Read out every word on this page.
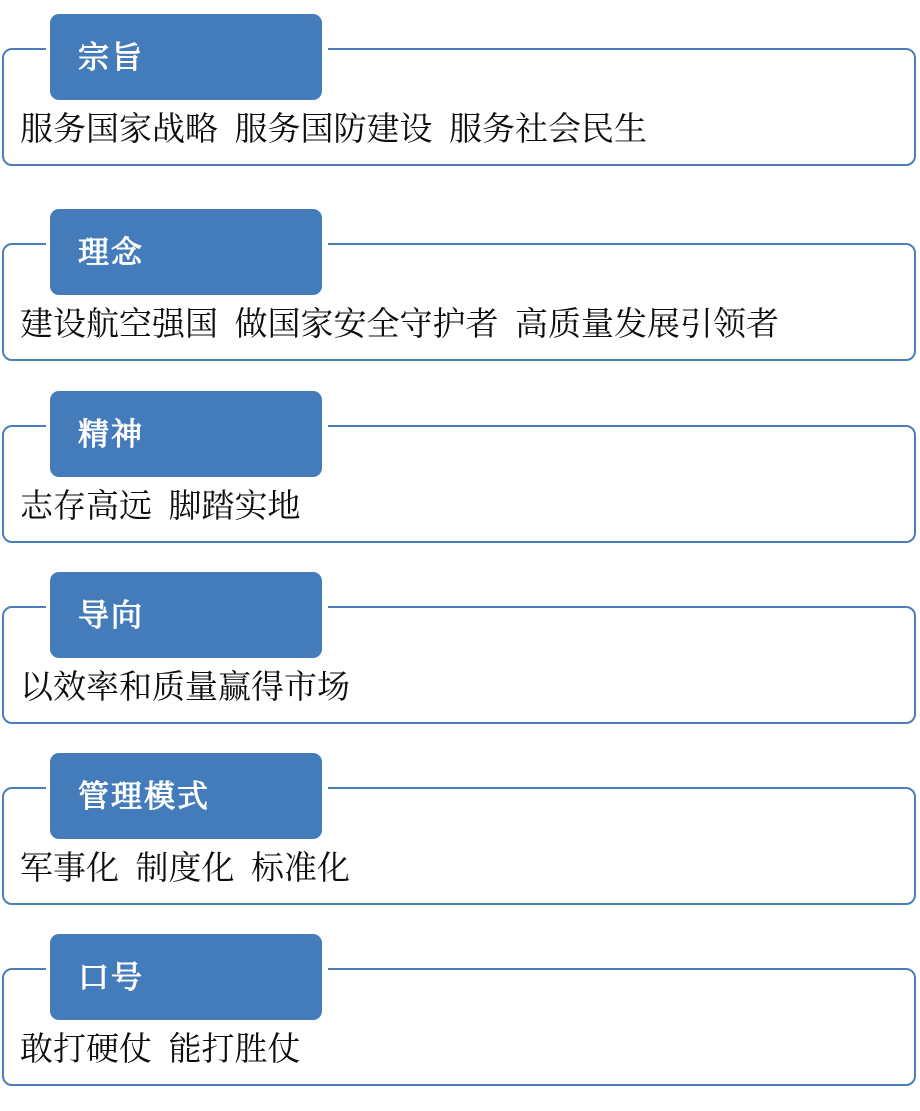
宗旨
服务国家战略  服务国防建设  服务社会民生
理念
建设航空强国  做国家安全守护者  高质量发展引领者
精神
志存高远  脚踏实地
导向
以效率和质量赢得市场
管理模式
军事化  制度化  标准化
口号
敢打硬仗  能打胜仗
